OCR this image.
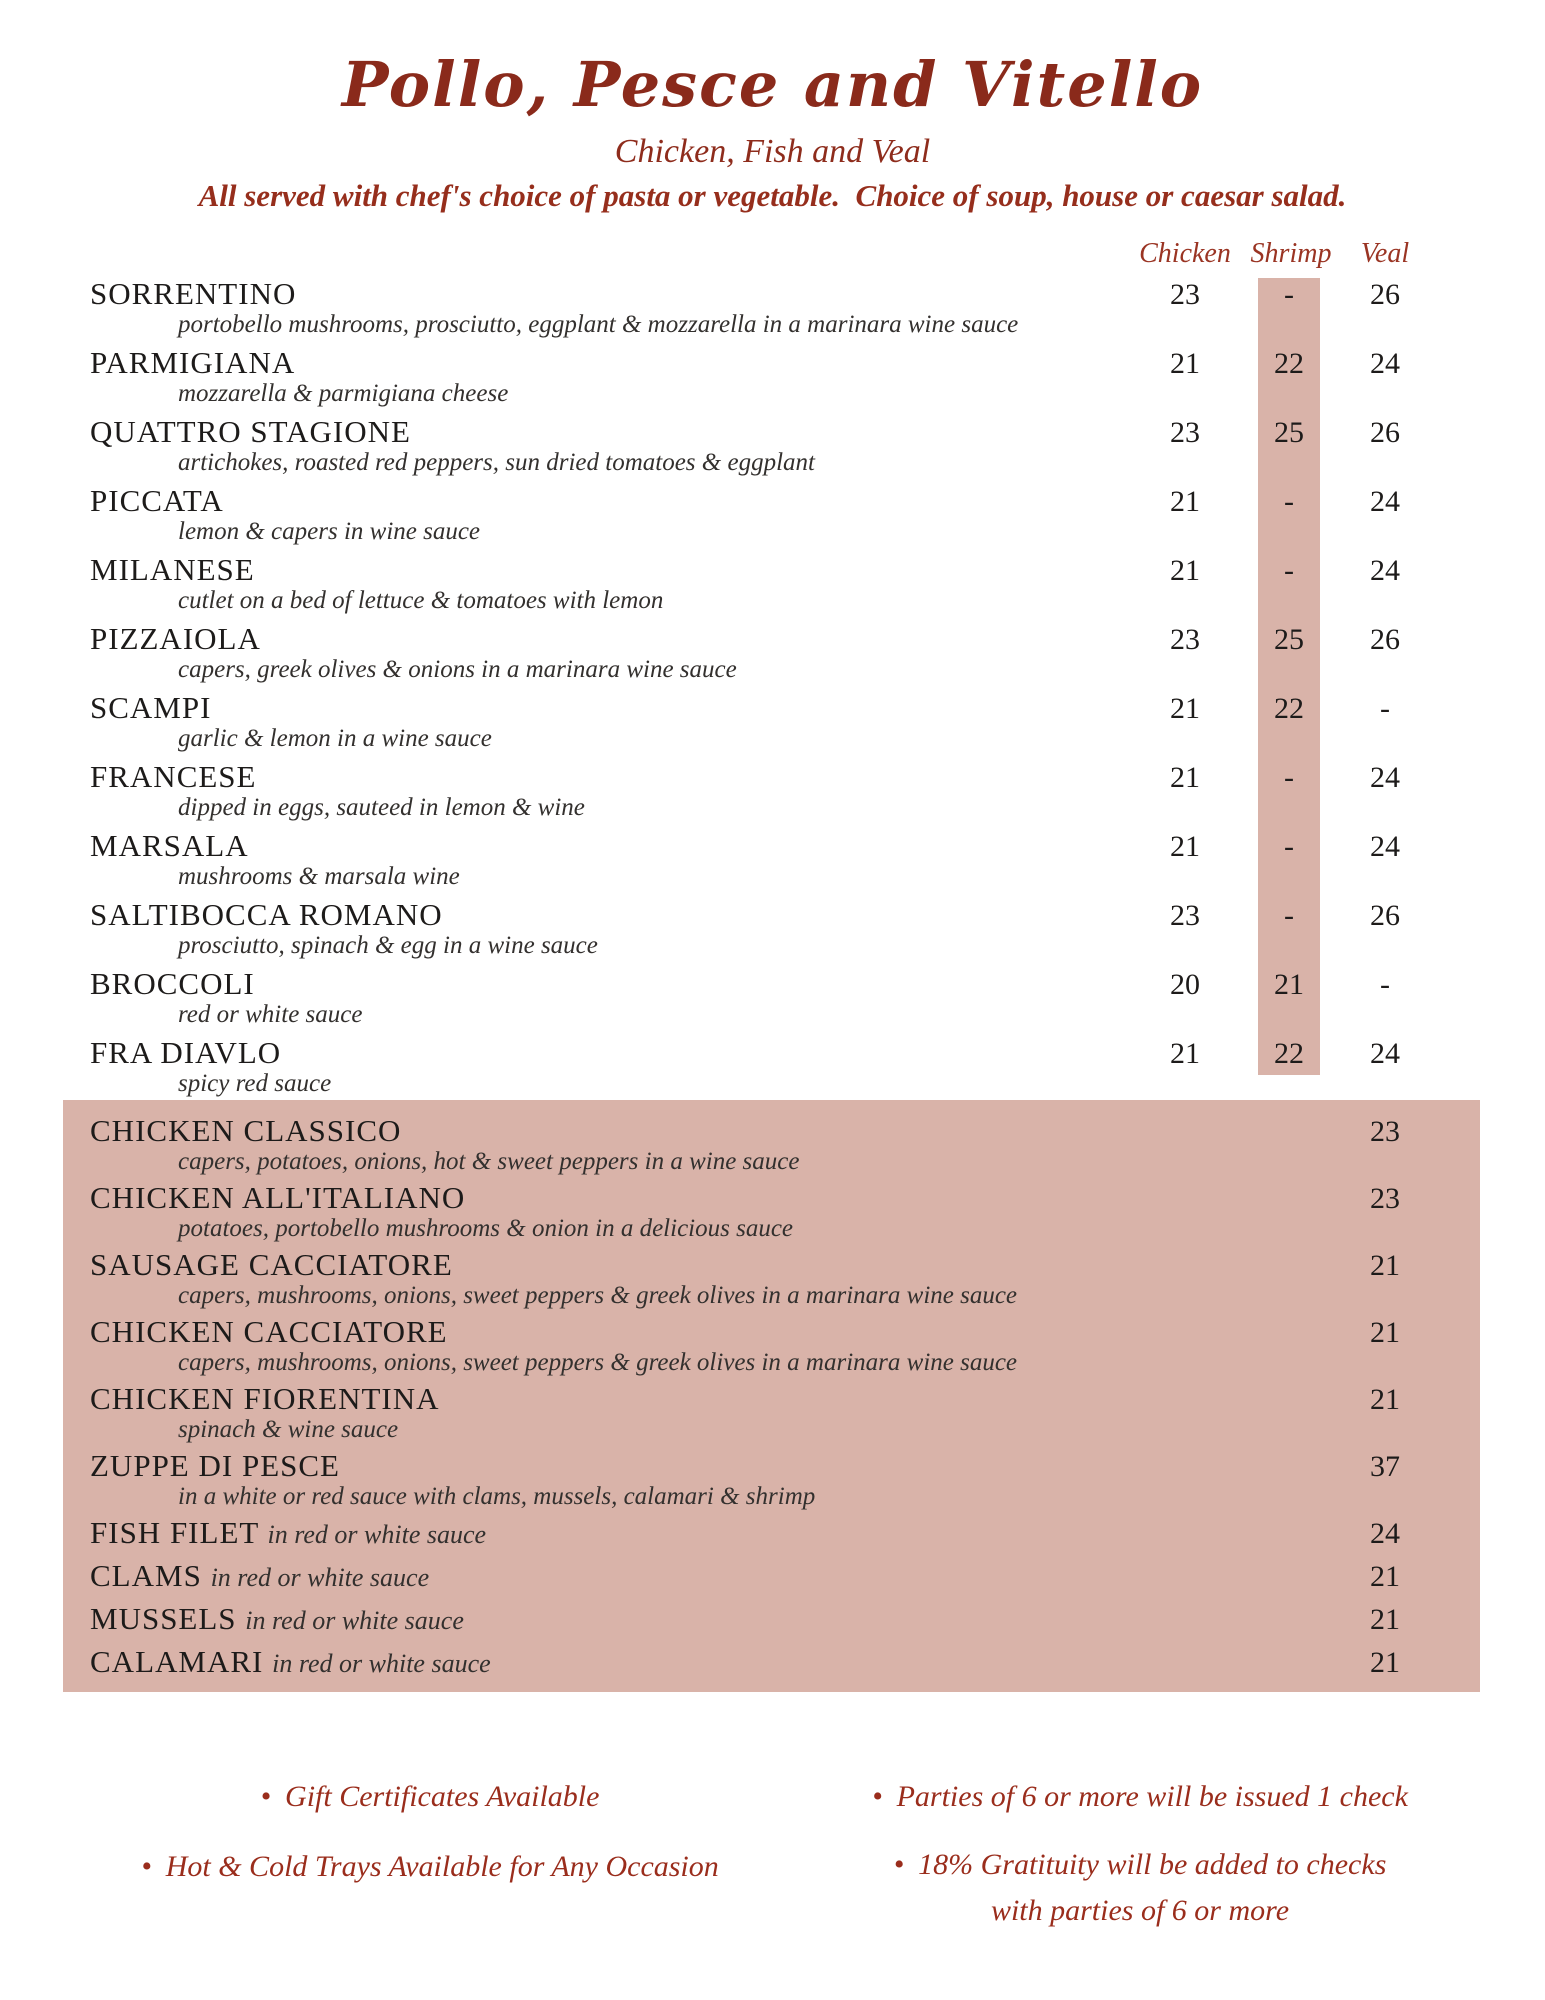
Pollo, Pesce and Vitello
Chicken, Fish and Veal
All served with chef's choice of pasta or vegetable.  Choice of soup, house or caesar salad.
Chicken Shrimp	Veal
SORRENTINO
portobello mushrooms, prosciutto, eggplant & mozzarella in a marinara wine sauce
23	-	26
PARMIGIANA
mozzarella & parmigiana cheese
21	22	24
QUATTRO STAGIONE
artichokes, roasted red peppers, sun dried tomatoes & eggplant
23	25	26
PICCATA
lemon & capers in wine sauce
21	-	24
MILANESE
cutlet on a bed of lettuce & tomatoes with lemon
21	-	24
PIZZAIOLA
capers, greek olives & onions in a marinara wine sauce
23	25	26
SCAMPI
garlic & lemon in a wine sauce
21	22	-
FRANCESE
dipped in eggs, sauteed in lemon & wine
21	-	24
MARSALA
mushrooms & marsala wine
21	-	24
SALTIBOCCA ROMANO
prosciutto, spinach & egg in a wine sauce
23	-	26
BROCCOLI
red or white sauce
20	21	-
FRA DIAVLO
spicy red sauce
21	22	24
CHICKEN CLASSICO
capers, potatoes, onions, hot & sweet peppers in a wine sauce
23
CHICKEN ALL'ITALIANO
potatoes, portobello mushrooms & onion in a delicious sauce
23
SAUSAGE CACCIATORE
capers, mushrooms, onions, sweet peppers & greek olives in a marinara wine sauce
21
CHICKEN CACCIATORE
capers, mushrooms, onions, sweet peppers & greek olives in a marinara wine sauce
21
CHICKEN FIORENTINA
spinach & wine sauce
21
ZUPPE DI PESCE
in a white or red sauce with clams, mussels, calamari & shrimp
37
FISH FILET in red or white sauce	24
CLAMS in red or white sauce	21
MUSSELS in red or white sauce	21
CALAMARI in red or white sauce	21

• Gift Certificates Available

• Hot & Cold Trays Available for Any Occasion

• Parties of 6 or more will be issued 1 check

• 18% Gratituity will be added to checks with parties of 6 or more
